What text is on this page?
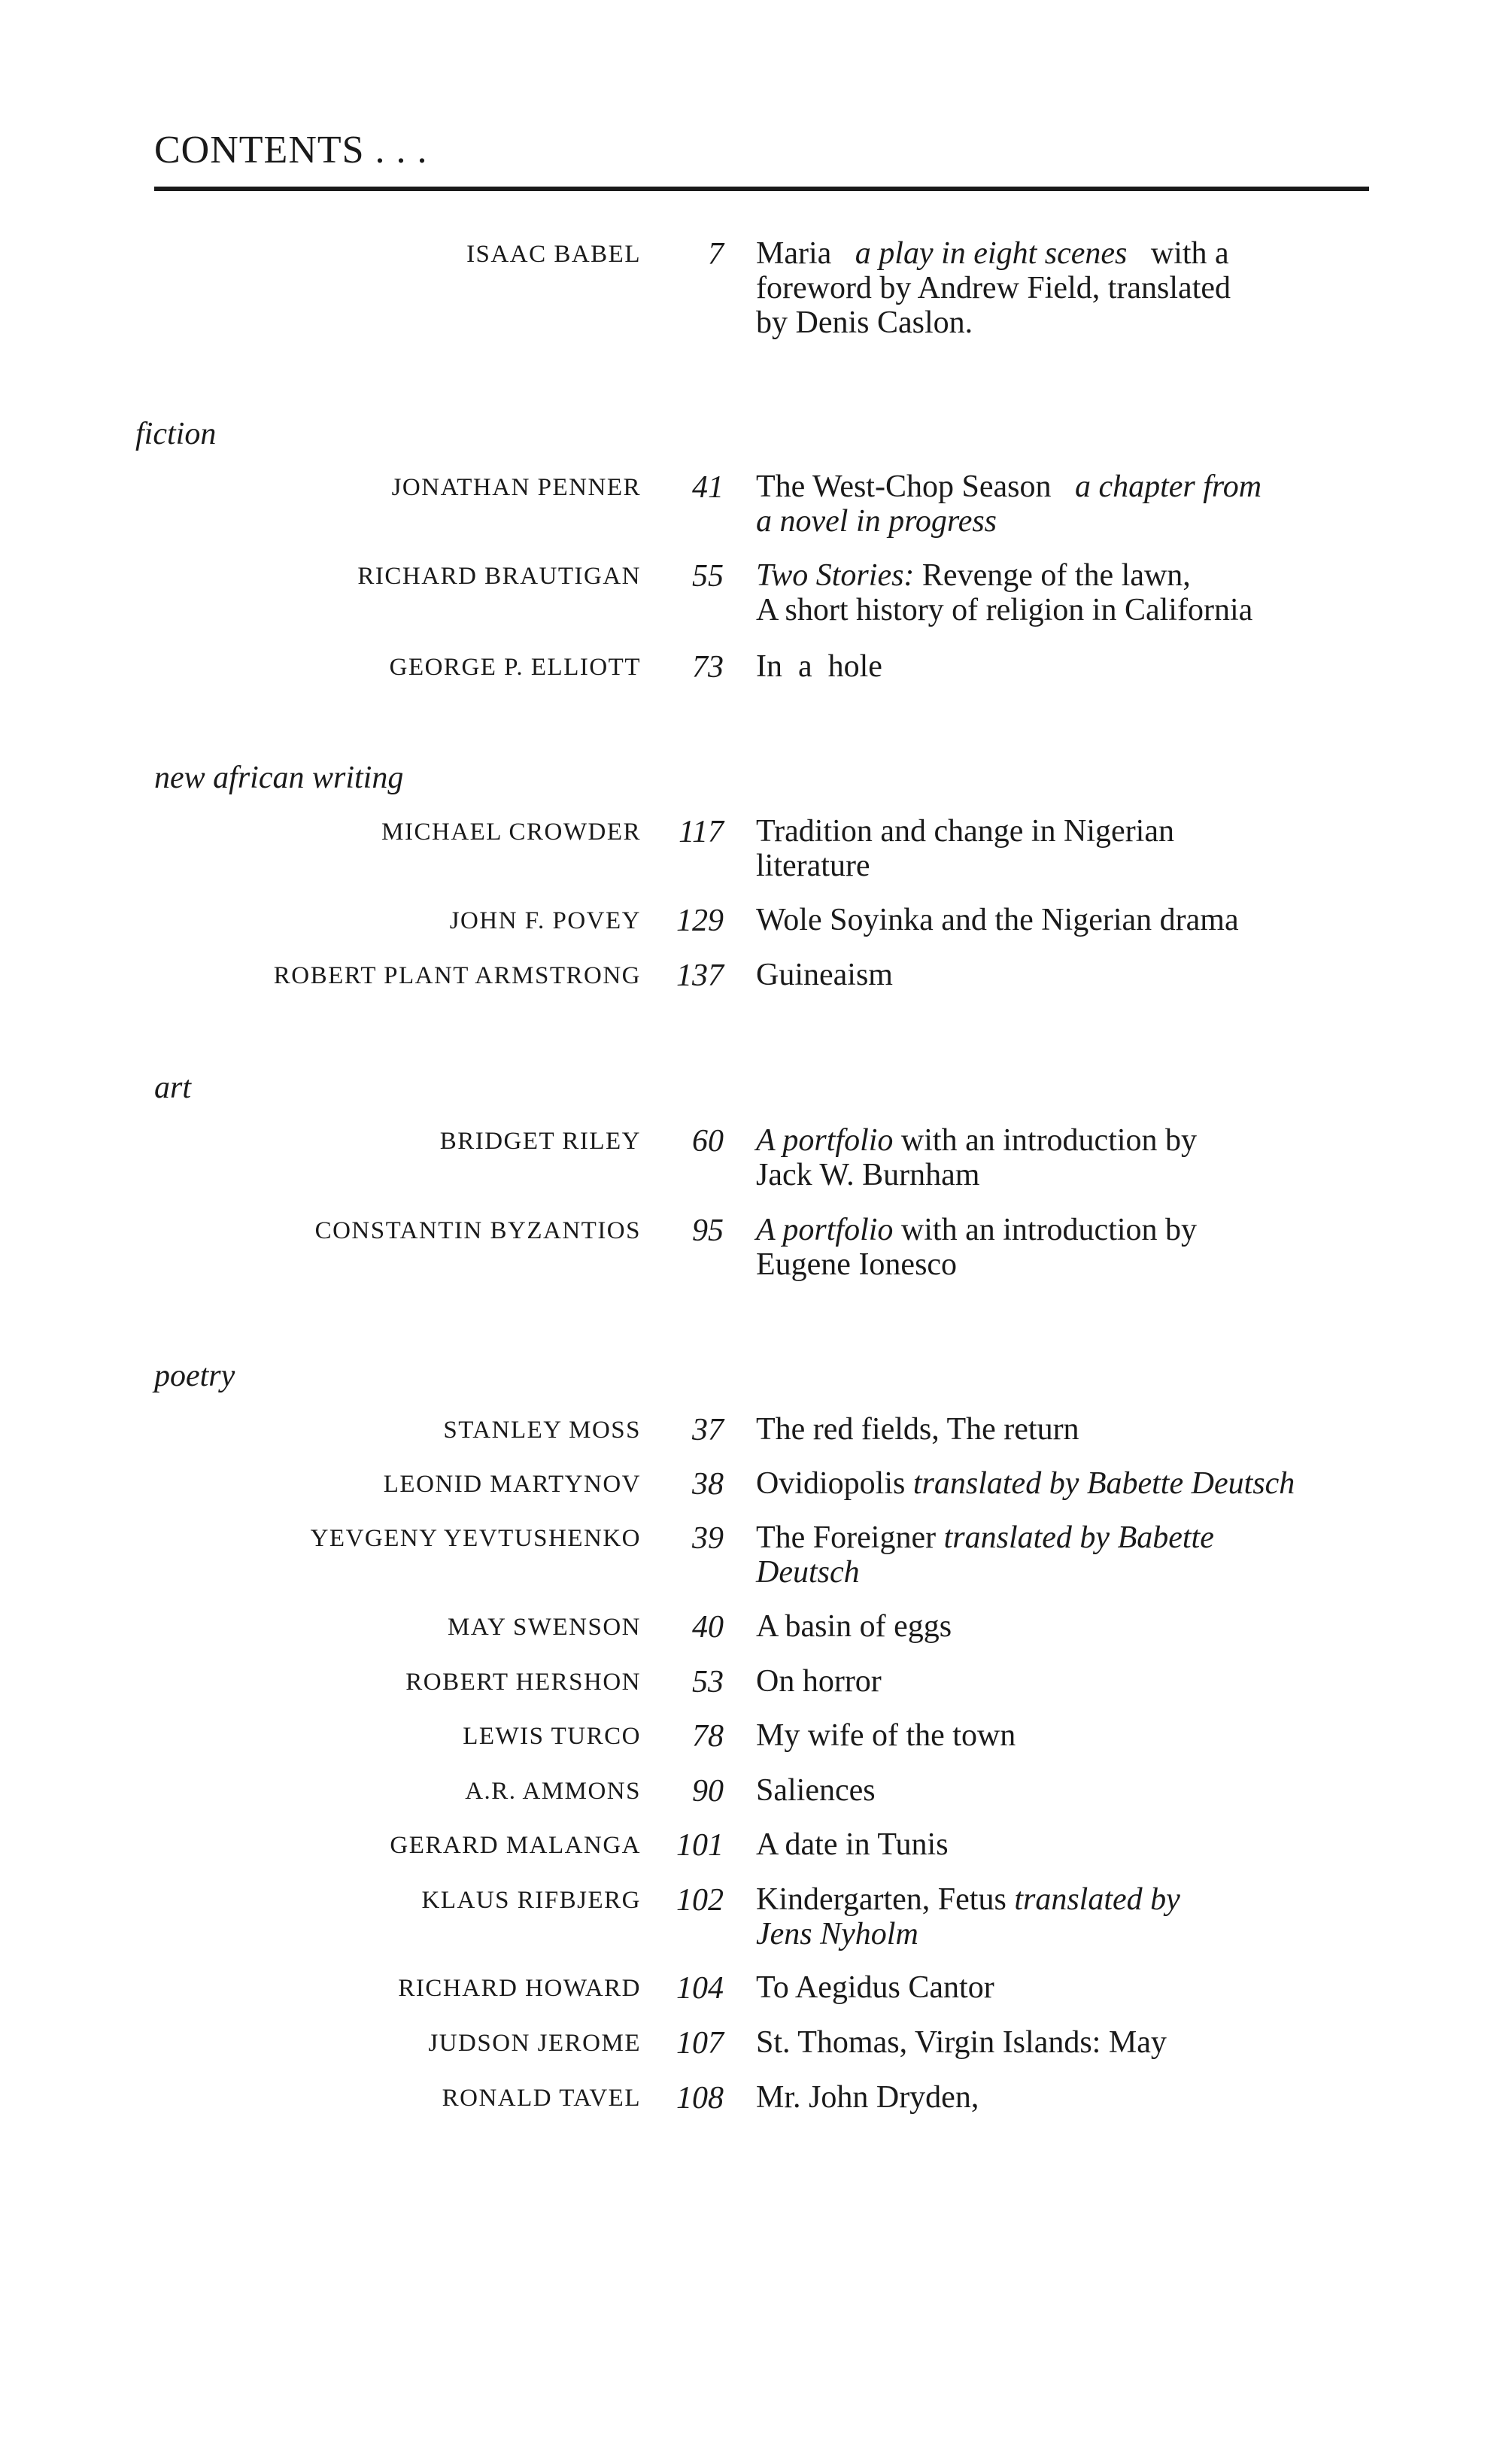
CONTENTS . . .
ISAAC BABEL 7 Maria   a play in eight scenes   with a
foreword by Andrew Field, translated
by Denis Caslon.
fiction
JONATHAN PENNER 41 The West-Chop Season   a chapter from
a novel in progress
RICHARD BRAUTIGAN 55 Two Stories: Revenge of the lawn,
A short history of religion in California
GEORGE P. ELLIOTT 73 In  a  hole
new african writing
MICHAEL CROWDER 117 Tradition and change in Nigerian
literature
JOHN F. POVEY 129 Wole Soyinka and the Nigerian drama
ROBERT PLANT ARMSTRONG 137 Guineaism
art
BRIDGET RILEY 60 A portfolio with an introduction by
Jack W. Burnham
CONSTANTIN BYZANTIOS 95 A portfolio with an introduction by
Eugene Ionesco
poetry
STANLEY MOSS 37 The red fields, The return
LEONID MARTYNOV 38 Ovidiopolis translated by Babette Deutsch
YEVGENY YEVTUSHENKO 39 The Foreigner translated by Babette
Deutsch
MAY SWENSON 40 A basin of eggs
ROBERT HERSHON 53 On horror
LEWIS TURCO 78 My wife of the town
A.R. AMMONS 90 Saliences
GERARD MALANGA 101 A date in Tunis
KLAUS RIFBJERG 102 Kindergarten, Fetus translated by
Jens Nyholm
RICHARD HOWARD 104 To Aegidus Cantor
JUDSON JEROME 107 St. Thomas, Virgin Islands: May
RONALD TAVEL 108 Mr. John Dryden,
